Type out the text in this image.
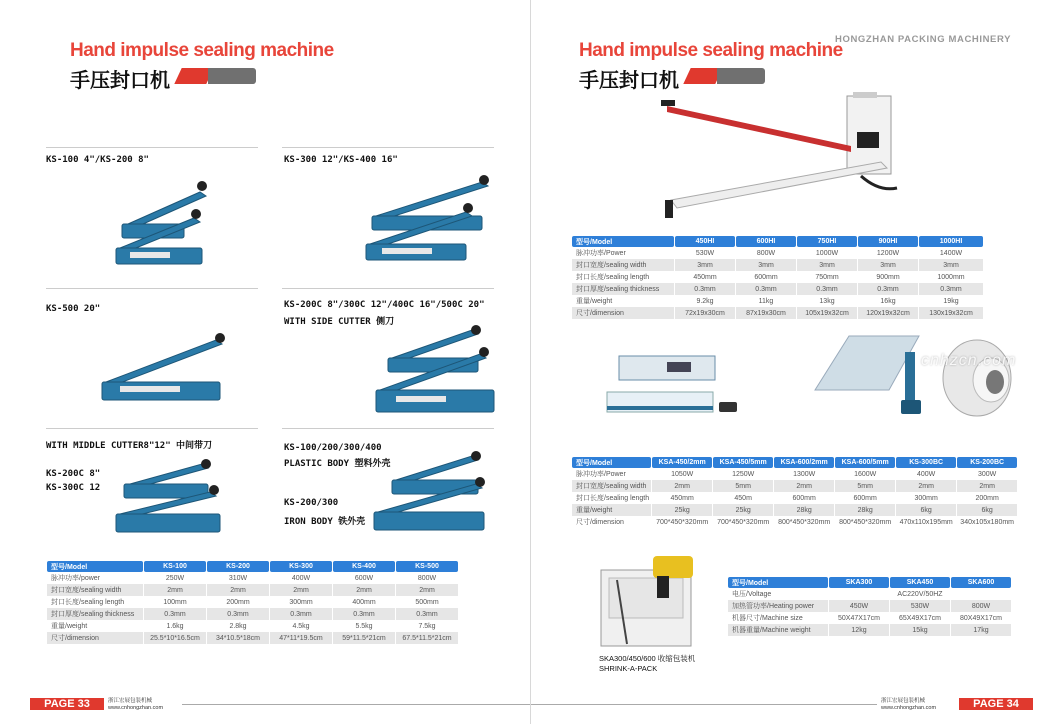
Hand impulse sealing machine
手压封口机
KS-100 4"/KS-200 8"	KS-300 12"/KS-400 16"
KS-500 20"	KS-200C 8"/300C 12"/400C 16"/500C 20"
WITH SIDE CUTTER 侧刀
WITH MIDDLE CUTTER8"12" 中间带刀
KS-200C 8"
KS-300C 12
KS-100/200/300/400
PLASTIC BODY 塑料外壳
KS-200/300
IRON BODY 铁外壳
型号/Model	KS-100	KS-200	KS-300	KS-400	KS-500
脉冲功率/power	250W	310W	400W	600W	800W
封口宽度/sealing width	2mm	2mm	2mm	2mm	2mm
封口长度/sealing length	100mm	200mm	300mm	400mm	500mm
封口厚度/sealing thickness	0.3mm	0.3mm	0.3mm	0.3mm	0.3mm
重量/weight	1.6kg	2.8kg	4.5kg	5.5kg	7.5kg
尺寸/dimension	25.5*10*16.5cm	34*10.5*18cm	47*11*19.5cm	59*11.5*21cm	67.5*11.5*21cm
PAGE 33	浙江宏展包装机械
www.cnhongzhan.com
HONGZHAN PACKING MACHINERY
Hand impulse sealing machine
手压封口机
型号/Model	450HI	600HI	750HI	900HI	1000HI
脉冲功率/Power	530W	800W	1000W	1200W	1400W
封口宽度/sealing width	3mm	3mm	3mm	3mm	3mm
封口长度/sealing length	450mm	600mm	750mm	900mm	1000mm
封口厚度/sealing thickness	0.3mm	0.3mm	0.3mm	0.3mm	0.3mm
重量/weight	9.2kg	11kg	13kg	16kg	19kg
尺寸/dimension	72x19x30cm	87x19x30cm	105x19x32cm	120x19x32cm	130x19x32cm
cnhzcn.com
型号/Model	KSA-450/2mm	KSA-450/5mm	KSA-600/2mm	KSA-600/5mm	KS-300BC	KS-200BC
脉冲功率/Power	1050W	1250W	1300W	1600W	400W	300W
封口宽度/sealing width	2mm	5mm	2mm	5mm	2mm	2mm
封口长度/sealing length	450mm	450m	600mm	600mm	300mm	200mm
重量/weight	25kg	25kg	28kg	28kg	6kg	6kg
尺寸/dimension	700*450*320mm	700*450*320mm	800*450*320mm	800*450*320mm	470x110x195mm	340x105x180mm
SKA300/450/600 收缩包装机
SHRINK-A-PACK
型号/Model	SKA300	SKA450	SKA600
电压/Voltage		AC220V/50HZ	
加热管功率/Heating power	450W	530W	800W
机器尺寸/Machine size	50X47X17cm	65X49X17cm	80X49X17cm
机器重量/Machine weight	12kg	15kg	17kg
浙江宏展包装机械
www.cnhongzhan.com	PAGE 34
